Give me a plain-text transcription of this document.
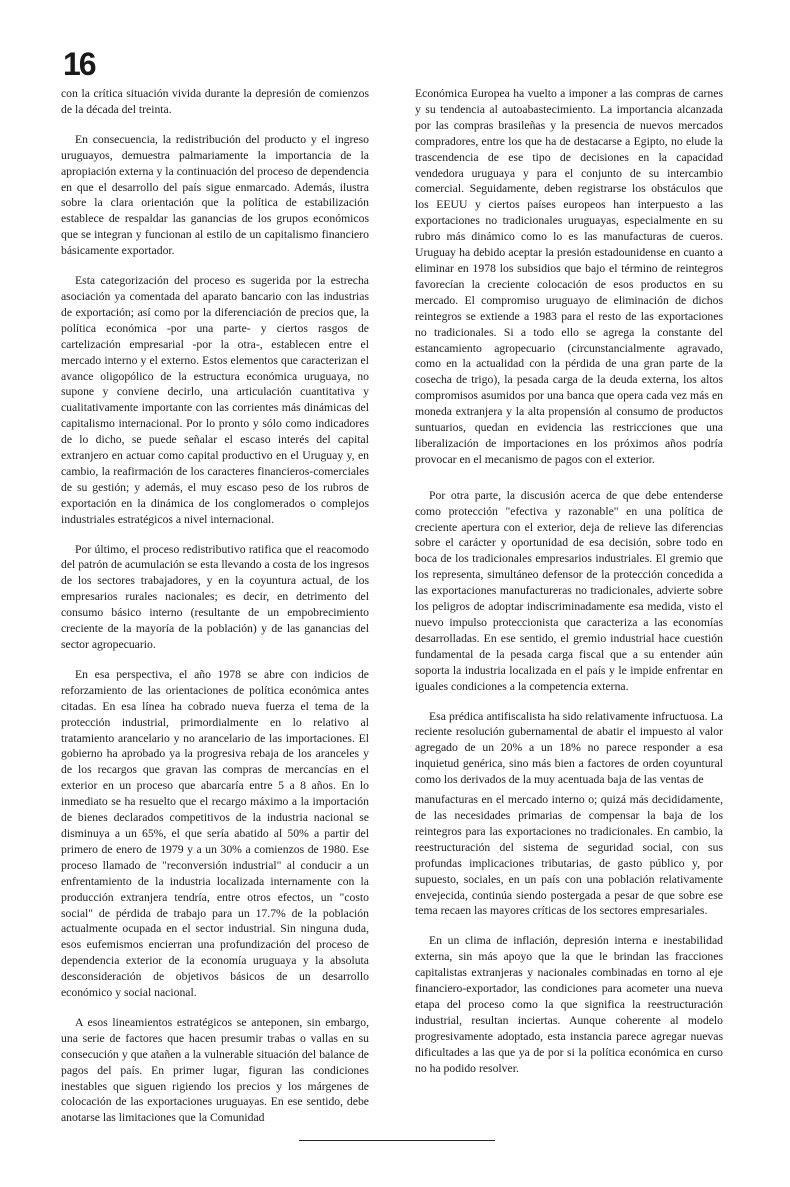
16

con la crítica situación vivida durante la depresión de comienzos de la década del treinta.

En consecuencia, la redistribución del producto y el ingreso uruguayos, demuestra palmariamente la importancia de la apropiación externa y la continuación del proceso de dependencia en que el desarrollo del país sigue enmarcado. Además, ilustra sobre la clara orientación que la política de estabilización establece de respaldar las ganancias de los grupos económicos que se integran y funcionan al estilo de un capitalismo financiero básicamente exportador.

Esta categorización del proceso es sugerida por la estrecha asociación ya comentada del aparato bancario con las industrias de exportación; así como por la diferenciación de precios que, la política económica -por una parte- y ciertos rasgos de cartelización empresarial -por la otra-, establecen entre el mercado interno y el externo. Estos elementos que caracterizan el avance oligopólico de la estructura económica uruguaya, no supone y conviene decirlo, una articulación cuantitativa y cualitativamente importante con las corrientes más dinámicas del capitalismo internacional. Por lo pronto y sólo como indicadores de lo dicho, se puede señalar el escaso interés del capital extranjero en actuar como capital productivo en el Uruguay y, en cambio, la reafirmación de los caracteres financieros-comerciales de su gestión; y además, el muy escaso peso de los rubros de exportación en la dinámica de los conglomerados o complejos industriales estratégicos a nivel internacional.

Por último, el proceso redistributivo ratifica que el reacomodo del patrón de acumulación se esta llevando a costa de los ingresos de los sectores trabajadores, y en la coyuntura actual, de los empresarios rurales nacionales; es decir, en detrimento del consumo básico interno (resultante de un empobrecimiento creciente de la mayoría de la población) y de las ganancias del sector agropecuario.

En esa perspectiva, el año 1978 se abre con indicios de reforzamiento de las orientaciones de política económica antes citadas. En esa línea ha cobrado nueva fuerza el tema de la protección industrial, primordialmente en lo relativo al tratamiento arancelario y no arancelario de las importaciones. El gobierno ha aprobado ya la progresiva rebaja de los aranceles y de los recargos que gravan las compras de mercancías en el exterior en un proceso que abarcaría entre 5 a 8 años. En lo inmediato se ha resuelto que el recargo máximo a la importación de bienes declarados competitivos de la industria nacional se disminuya a un 65%, el que sería abatido al 50% a partir del primero de enero de 1979 y a un 30% a comienzos de 1980. Ese proceso llamado de "reconversión industrial" al conducir a un enfrentamiento de la industria localizada internamente con la producción extranjera tendría, entre otros efectos, un "costo social" de pérdida de trabajo para un 17.7% de la población actualmente ocupada en el sector industrial. Sin ninguna duda, esos eufemismos encierran una profundización del proceso de dependencia exterior de la economía uruguaya y la absoluta desconsideración de objetivos básicos de un desarrollo económico y social nacional.

A esos lineamientos estratégicos se anteponen, sin embargo, una serie de factores que hacen presumir trabas o vallas en su consecución y que atañen a la vulnerable situación del balance de pagos del país. En primer lugar, figuran las condiciones inestables que siguen rigiendo los precios y los márgenes de colocación de las exportaciones uruguayas. En ese sentido, debe anotarse las limitaciones que la Comunidad

Económica Europea ha vuelto a imponer a las compras de carnes y su tendencia al autoabastecimiento. La importancia alcanzada por las compras brasileñas y la presencia de nuevos mercados compradores, entre los que ha de destacarse a Egipto, no elude la trascendencia de ese tipo de decisiones en la capacidad vendedora uruguaya y para el conjunto de su intercambio comercial. Seguidamente, deben registrarse los obstáculos que los EEUU y ciertos países europeos han interpuesto a las exportaciones no tradicionales uruguayas, especialmente en su rubro más dinámico como lo es las manufacturas de cueros. Uruguay ha debido aceptar la presión estadounidense en cuanto a eliminar en 1978 los subsidios que bajo el término de reintegros favorecían la creciente colocación de esos productos en su mercado. El compromiso uruguayo de eliminación de dichos reintegros se extiende a 1983 para el resto de las exportaciones no tradicionales. Si a todo ello se agrega la constante del estancamiento agropecuario (circunstancialmente agravado, como en la actualidad con la pérdida de una gran parte de la cosecha de trigo), la pesada carga de la deuda externa, los altos compromisos asumidos por una banca que opera cada vez más en moneda extranjera y la alta propensión al consumo de productos suntuarios, quedan en evidencia las restricciones que una liberalización de importaciones en los próximos años podría provocar en el mecanismo de pagos con el exterior.

Por otra parte, la discusión acerca de que debe entenderse como protección "efectiva y razonable" en una política de creciente apertura con el exterior, deja de relieve las diferencias sobre el carácter y oportunidad de esa decisión, sobre todo en boca de los tradicionales empresarios industriales. El gremio que los representa, simultáneo defensor de la protección concedida a las exportaciones manufactureras no tradicionales, advierte sobre los peligros de adoptar indiscriminadamente esa medida, visto el nuevo impulso proteccionista que caracteriza a las economías desarrolladas. En ese sentido, el gremio industrial hace cuestión fundamental de la pesada carga fiscal que a su entender aún soporta la industria localizada en el país y le impide enfrentar en iguales condiciones a la competencia externa.

Esa prédica antifiscalista ha sido relativamente infructuosa. La reciente resolución gubernamental de abatir el impuesto al valor agregado de un 20% a un 18% no parece responder a esa inquietud genérica, sino más bien a factores de orden coyuntural como los derivados de la muy acentuada baja de las ventas de

manufacturas en el mercado interno o; quizá más decididamente, de las necesidades primarias de compensar la baja de los reintegros para las exportaciones no tradicionales. En cambio, la reestructuración del sistema de seguridad social, con sus profundas implicaciones tributarias, de gasto público y, por supuesto, sociales, en un país con una población relativamente envejecida, continúa siendo postergada a pesar de que sobre ese tema recaen las mayores críticas de los sectores empresariales.

En un clima de inflación, depresión interna e inestabilidad externa, sin más apoyo que la que le brindan las fracciones capitalistas extranjeras y nacionales combinadas en torno al eje financiero-exportador, las condiciones para acometer una nueva etapa del proceso como la que significa la reestructuración industrial, resultan inciertas. Aunque coherente al modelo progresivamente adoptado, esta instancia parece agregar nuevas dificultades a las que ya de por si la política económica en curso no ha podido resolver.
